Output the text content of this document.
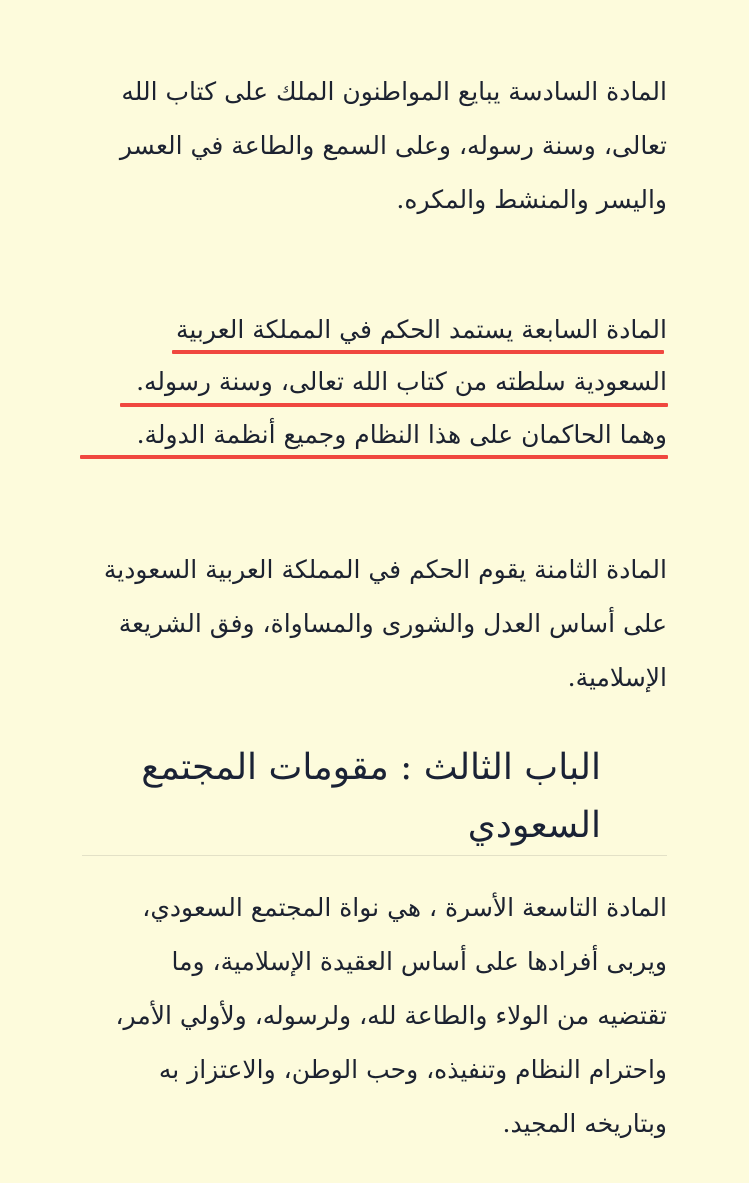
المادة السادسة يبايع المواطنون الملك على كتاب الله
تعالى، وسنة رسوله، وعلى السمع والطاعة في العسر
واليسر والمنشط والمكره.
المادة السابعة يستمد الحكم في المملكة العربية
السعودية سلطته من كتاب الله تعالى، وسنة رسوله.
وهما الحاكمان على هذا النظام وجميع أنظمة الدولة.
المادة الثامنة يقوم الحكم في المملكة العربية السعودية
على أساس العدل والشورى والمساواة، وفق الشريعة
الإسلامية.
الباب الثالث : مقومات المجتمع
السعودي
المادة التاسعة الأسرة ، هي نواة المجتمع السعودي،
ويربى أفرادها على أساس العقيدة الإسلامية، وما
تقتضيه من الولاء والطاعة لله، ولرسوله، ولأولي الأمر،
واحترام النظام وتنفيذه، وحب الوطن، والاعتزاز به
وبتاريخه المجيد.
